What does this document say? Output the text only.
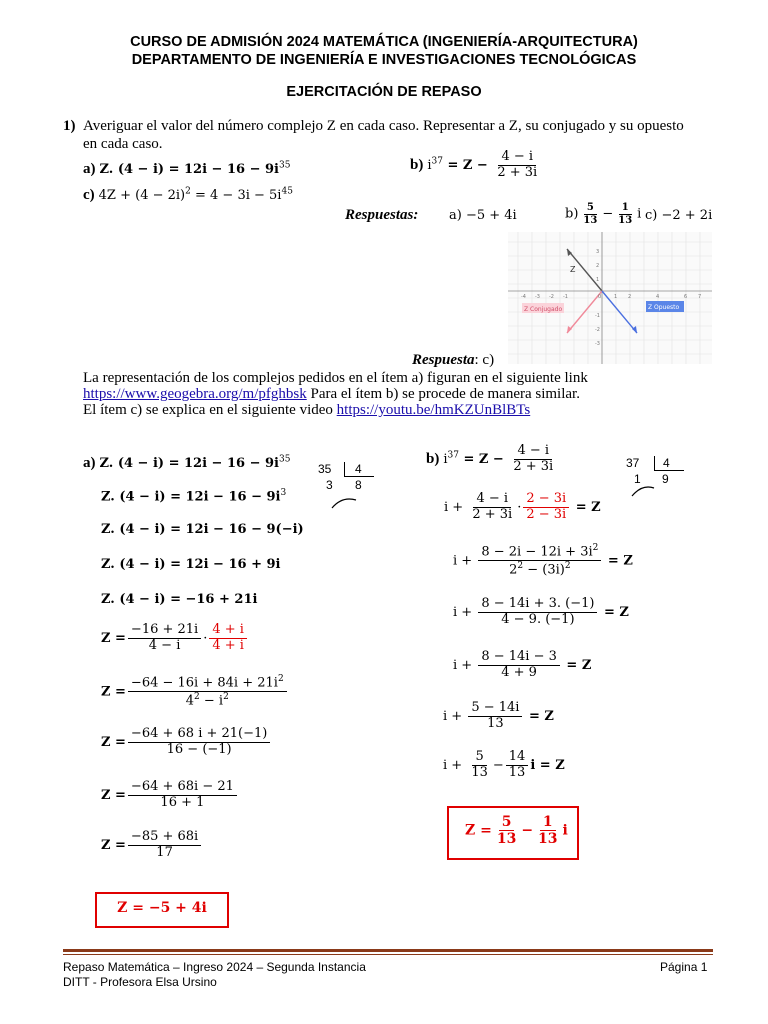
CURSO DE ADMISIÓN 2024 MATEMÁTICA (INGENIERÍA-ARQUITECTURA)
DEPARTAMENTO DE INGENIERÍA E INVESTIGACIONES TECNOLÓGICAS
EJERCITACIÓN DE REPASO
1) Averiguar el valor del número complejo Z en cada caso. Representar a Z, su conjugado y su opuesto
en cada caso.
a) Z. $(4 - i) = 12i - 16 - 9i^{35}$	b) $i^{37} = Z - \frac{4 - i}{2 + 3i}$
c) $4Z + (4 - 2i)^2 = 4 - 3i - 5i^{45}$
Respuestas: a) −5 + 4i	$b) \frac{5}{13} - \frac{1}{13}$ i c) −2 + 2i
Z
Z Conjugado	Z Opuesto
-4 -3 -2 -1	0	1 2	4	6 7
3
2
1
-1
-2
-3
Respuesta: c)
La representación de los complejos pedidos en el ítem a) figuran en el siguiente link
https://www.geogebra.org/m/pfghbsk Para el ítem b) se procede de manera similar.
El ítem c) se explica en el siguiente video https://youtu.be/hmKZUnBlBTs
a) Z. $(4 - i) = 12i - 16 - 9i^{35}$
35	4
3 8
Z. $(4 - i) = 12i - 16 - 9i^3$
Z. (4 − i) = 12i − 16 − 9(−i)
Z. (4 − i) = 12i − 16 + 9i
Z. (4 − i) = −16 + 21i
$Z = \frac{-16 + 21i}{4 - i} \cdot \frac{4 + i}{4 + i}$
$Z = \frac{-64 - 16i + 84i + 21i^2}{4^2 - i^2}$
$Z = \frac{-64 + 68 i + 21(-1)}{16 - (-1)}$
$Z = \frac{-64 + 68i - 21}{16 + 1}$
$Z = \frac{-85 + 68i}{17}$
Z = −5 + 4i
b) $i^{37} = Z - \frac{4 - i}{2 + 3i}$	37	4
1 9
$i + \frac{4 - i}{2 + 3i} \cdot \frac{2 - 3i}{2 - 3i} = Z$
$i + \frac{8 - 2i - 12i + 3i^2}{2^2 - (3i)^2} = Z$
$i + \frac{8 - 14i + 3. (-1)}{4 - 9. (-1)} = Z$
$i + \frac{8 - 14i - 3}{4 + 9} = Z$
$i + \frac{5 - 14i}{13} = Z$
$i + \frac{5}{13} - \frac{14}{13}$ i = Z
$Z = \frac{5}{13} - \frac{1}{13}$ i
Repaso Matemática – Ingreso 2024 – Segunda Instancia
DITT - Profesora Elsa Ursino
Página 1
